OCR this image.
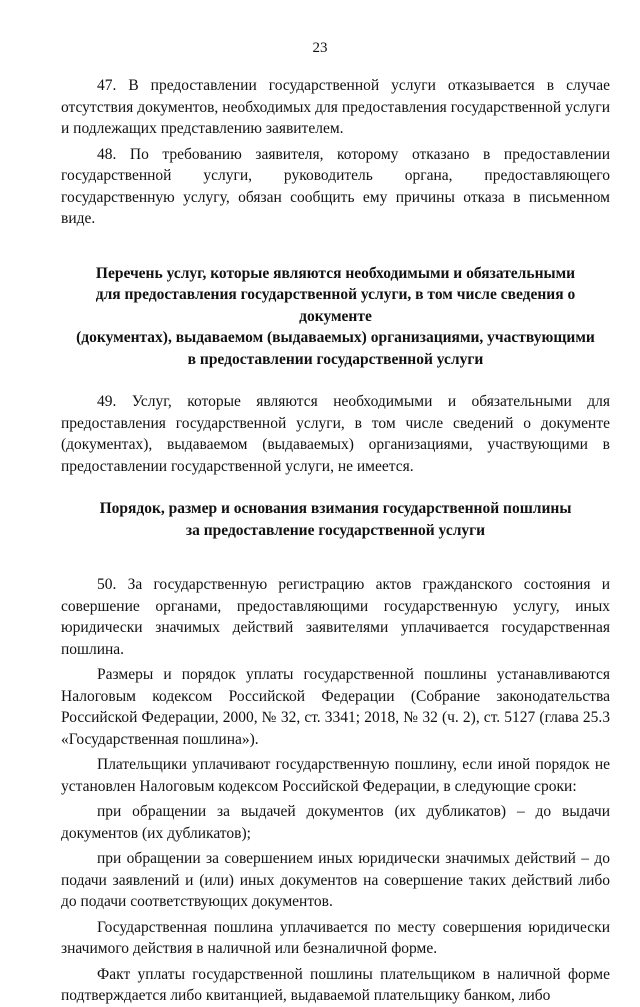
23

47. В предоставлении государственной услуги отказывается в случае отсутствия документов, необходимых для предоставления государственной услуги и подлежащих представлению заявителем.

48. По требованию заявителя, которому отказано в предоставлении государственной услуги, руководитель органа, предоставляющего государственную услугу, обязан сообщить ему причины отказа в письменном виде.

Перечень услуг, которые являются необходимыми и обязательными

для предоставления государственной услуги, в том числе сведения о документе

(документах), выдаваемом (выдаваемых) организациями, участвующими

в предоставлении государственной услуги

49. Услуг, которые являются необходимыми и обязательными для предоставления государственной услуги, в том числе сведений о документе (документах), выдаваемом (выдаваемых) организациями, участвующими в предоставлении государственной услуги, не имеется.

Порядок, размер и основания взимания государственной пошлины

за предоставление государственной услуги

50. За государственную регистрацию актов гражданского состояния и совершение органами, предоставляющими государственную услугу, иных юридически значимых действий заявителями уплачивается государственная пошлина.

Размеры и порядок уплаты государственной пошлины устанавливаются Налоговым кодексом Российской Федерации (Собрание законодательства Российской Федерации, 2000, № 32, ст. 3341; 2018, № 32 (ч. 2), ст. 5127 (глава 25.3 «Государственная пошлина»).

Плательщики уплачивают государственную пошлину, если иной порядок не установлен Налоговым кодексом Российской Федерации, в следующие сроки:

при обращении за выдачей документов (их дубликатов) – до выдачи документов (их дубликатов);

при обращении за совершением иных юридически значимых действий – до подачи заявлений и (или) иных документов на совершение таких действий либо до подачи соответствующих документов.

Государственная пошлина уплачивается по месту совершения юридически значимого действия в наличной или безналичной форме.

Факт уплаты государственной пошлины плательщиком в наличной форме подтверждается либо квитанцией, выдаваемой плательщику банком, либо
